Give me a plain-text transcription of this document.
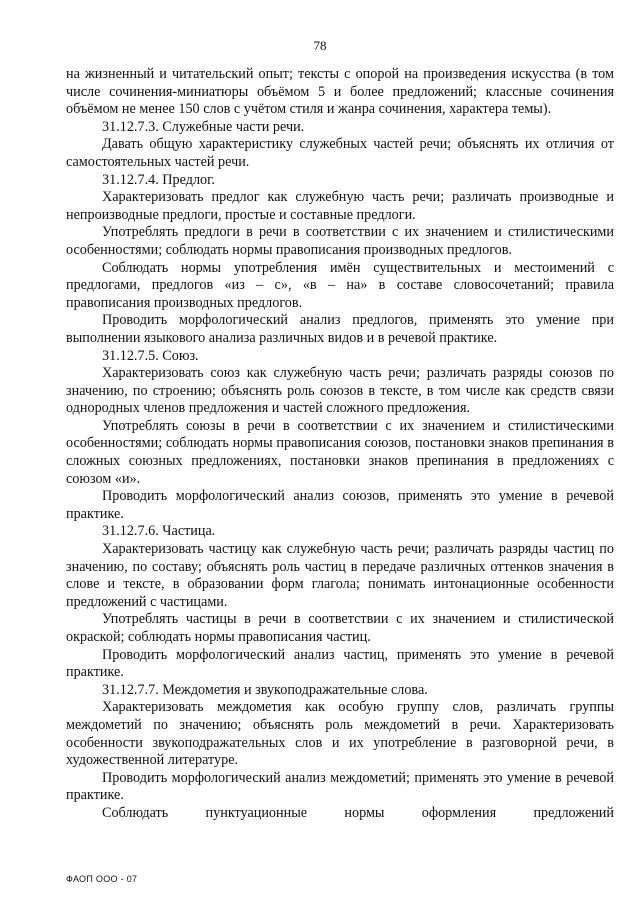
78

на жизненный и читательский опыт; тексты с опорой на произведения искусства (в том числе сочинения-миниатюры объёмом 5 и более предложений; классные сочинения объёмом не менее 150 слов с учётом стиля и жанра сочинения, характера темы).

31.12.7.3. Служебные части речи.

Давать общую характеристику служебных частей речи; объяснять их отличия от самостоятельных частей речи.

31.12.7.4. Предлог.

Характеризовать предлог как служебную часть речи; различать производные и непроизводные предлоги, простые и составные предлоги.

Употреблять предлоги в речи в соответствии с их значением и стилистическими особенностями; соблюдать нормы правописания производных предлогов.

Соблюдать нормы употребления имён существительных и местоимений с предлогами, предлогов «из – с», «в – на» в составе словосочетаний; правила правописания производных предлогов.

Проводить морфологический анализ предлогов, применять это умение при выполнении языкового анализа различных видов и в речевой практике.

31.12.7.5. Союз.

Характеризовать союз как служебную часть речи; различать разряды союзов по значению, по строению; объяснять роль союзов в тексте, в том числе как средств связи однородных членов предложения и частей сложного предложения.

Употреблять союзы в речи в соответствии с их значением и стилистическими особенностями; соблюдать нормы правописания союзов, постановки знаков препинания в сложных союзных предложениях, постановки знаков препинания в предложениях с союзом «и».

Проводить морфологический анализ союзов, применять это умение в речевой практике.

31.12.7.6. Частица.

Характеризовать частицу как служебную часть речи; различать разряды частиц по значению, по составу; объяснять роль частиц в передаче различных оттенков значения в слове и тексте, в образовании форм глагола; понимать интонационные особенности предложений с частицами.

Употреблять частицы в речи в соответствии с их значением и стилистической окраской; соблюдать нормы правописания частиц.

Проводить морфологический анализ частиц, применять это умение в речевой практике.

31.12.7.7. Междометия и звукоподражательные слова.

Характеризовать междометия как особую группу слов, различать группы междометий по значению; объяснять роль междометий в речи. Характеризовать особенности звукоподражательных слов и их употребление в разговорной речи, в художественной литературе.

Проводить морфологический анализ междометий; применять это умение в речевой практике.

Соблюдать пунктуационные нормы оформления предложений

ФАОП ООО - 07
